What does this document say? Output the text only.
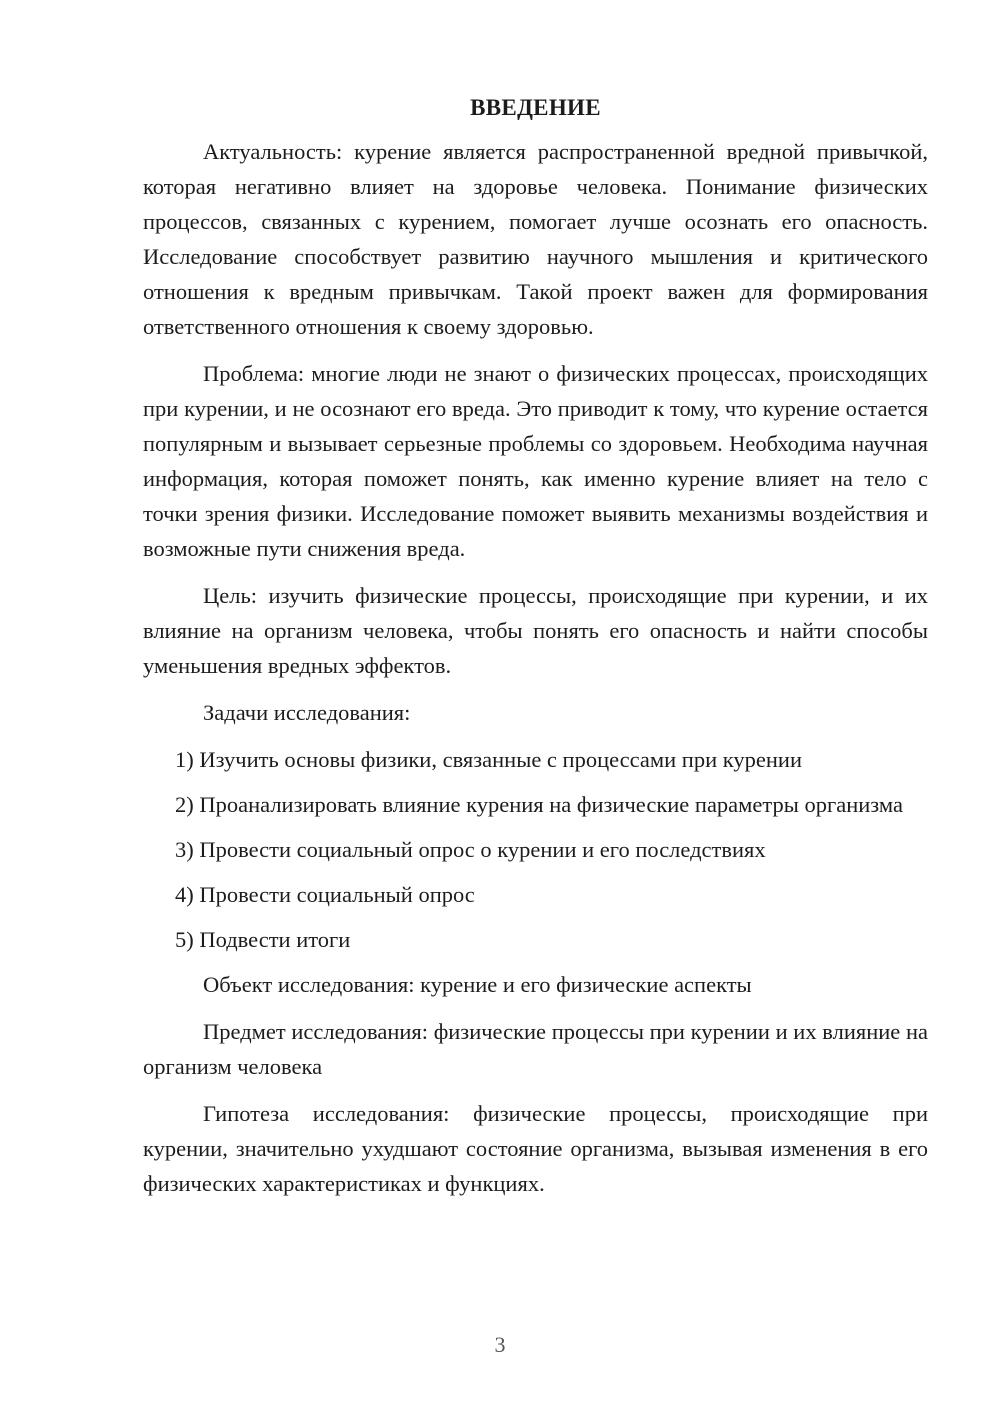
ВВЕДЕНИЕ

Актуальность: курение является распространенной вредной привычкой, которая негативно влияет на здоровье человека. Понимание физических процессов, связанных с курением, помогает лучше осознать его опасность. Исследование способствует развитию научного мышления и критического отношения к вредным привычкам. Такой проект важен для формирования ответственного отношения к своему здоровью.

Проблема: многие люди не знают о физических процессах, происходящих при курении, и не осознают его вреда. Это приводит к тому, что курение остается популярным и вызывает серьезные проблемы со здоровьем. Необходима научная информация, которая поможет понять, как именно курение влияет на тело с точки зрения физики. Исследование поможет выявить механизмы воздействия и возможные пути снижения вреда.

Цель: изучить физические процессы, происходящие при курении, и их влияние на организм человека, чтобы понять его опасность и найти способы уменьшения вредных эффектов.

Задачи исследования:

1) Изучить основы физики, связанные с процессами при курении

2) Проанализировать влияние курения на физические параметры организма

3) Провести социальный опрос о курении и его последствиях

4) Провести социальный опрос

5) Подвести итоги

Объект исследования: курение и его физические аспекты

Предмет исследования: физические процессы при курении и их влияние на организм человека

Гипотеза исследования: физические процессы, происходящие при курении, значительно ухудшают состояние организма, вызывая изменения в его физических характеристиках и функциях.

3
